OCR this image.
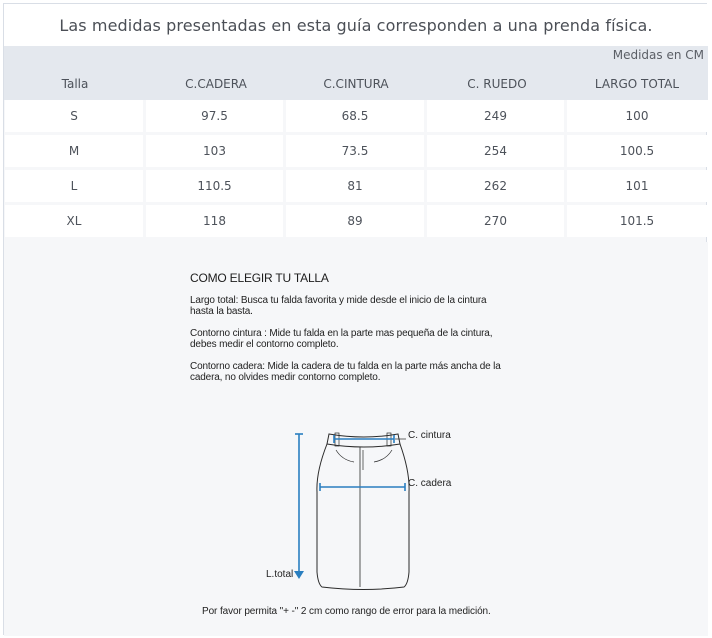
Las medidas presentadas en esta guía corresponden a una prenda física.
Talla	C.CADERA	C.CINTURA	C. RUEDO	LARGO TOTAL
Medidas en CM
S	97.5	68.5	249	100
M	103	73.5	254	100.5
L	110.5	81	262	101
XL	118	89	270	101.5
COMO ELEGIR TU TALLA
Largo total: Busca tu falda favorita y mide desde el inicio de la cintura
hasta la basta.
Contorno cintura : Mide tu falda en la parte mas pequeña de la cintura,
debes medir el contorno completo.
Contorno cadera: Mide la cadera de tu falda en la parte más ancha de la
cadera, no olvides medir contorno completo.
C. cintura
C. cadera
L.total
Por favor permita "+ -" 2 cm como rango de error para la medición.
